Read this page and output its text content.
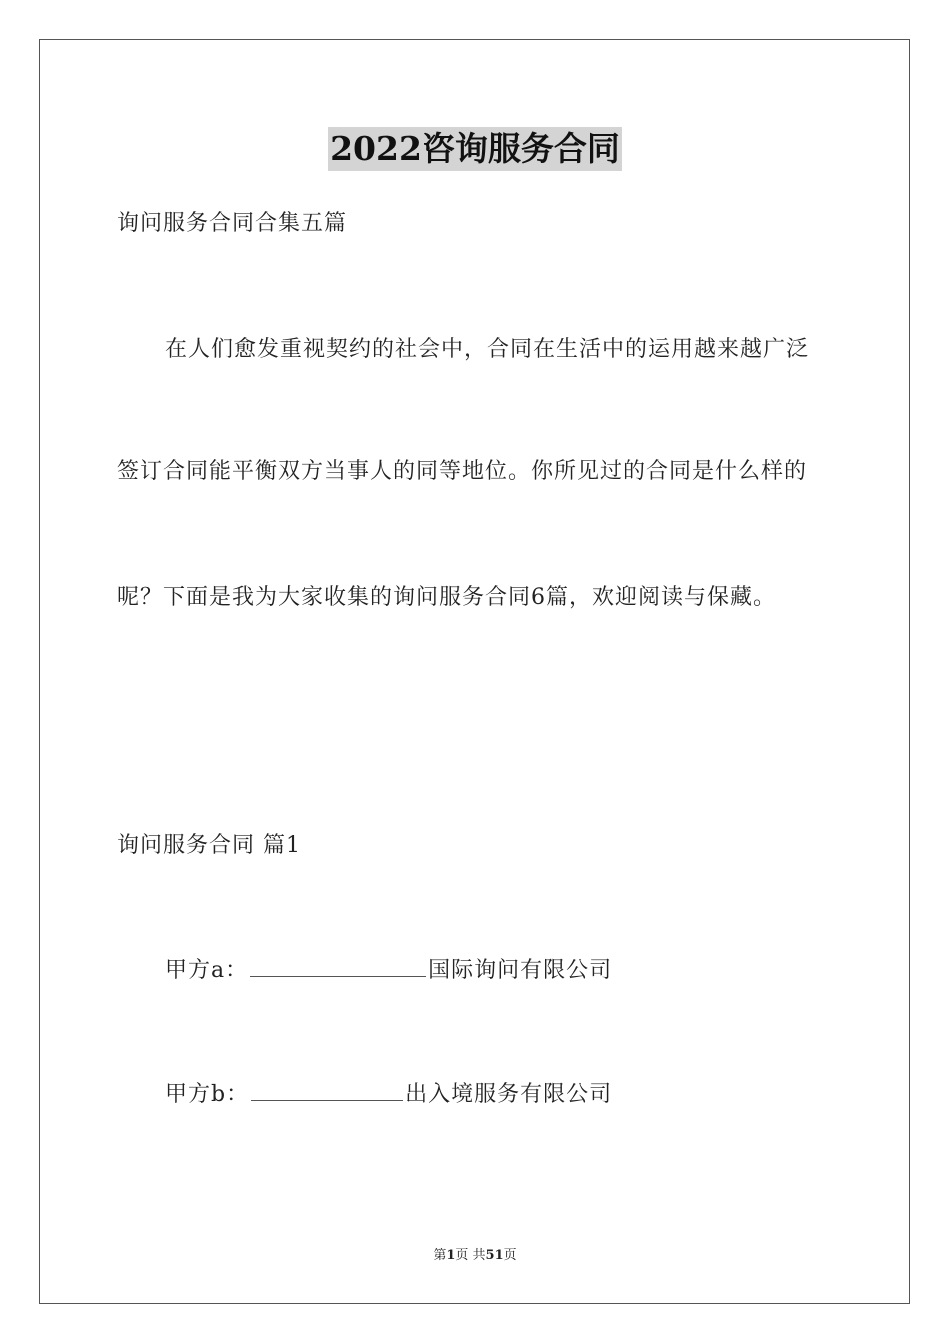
2022咨询服务合同
询问服务合同合集五篇
在人们愈发重视契约的社会中，合同在生活中的运用越来越广泛
签订合同能平衡双方当事人的同等地位。你所见过的合同是什么样的
呢？下面是我为大家收集的询问服务合同6篇，欢迎阅读与保藏。
询问服务合同 篇1
甲方a：	国际询问有限公司
甲方b：	出入境服务有限公司
第1页 共51页
